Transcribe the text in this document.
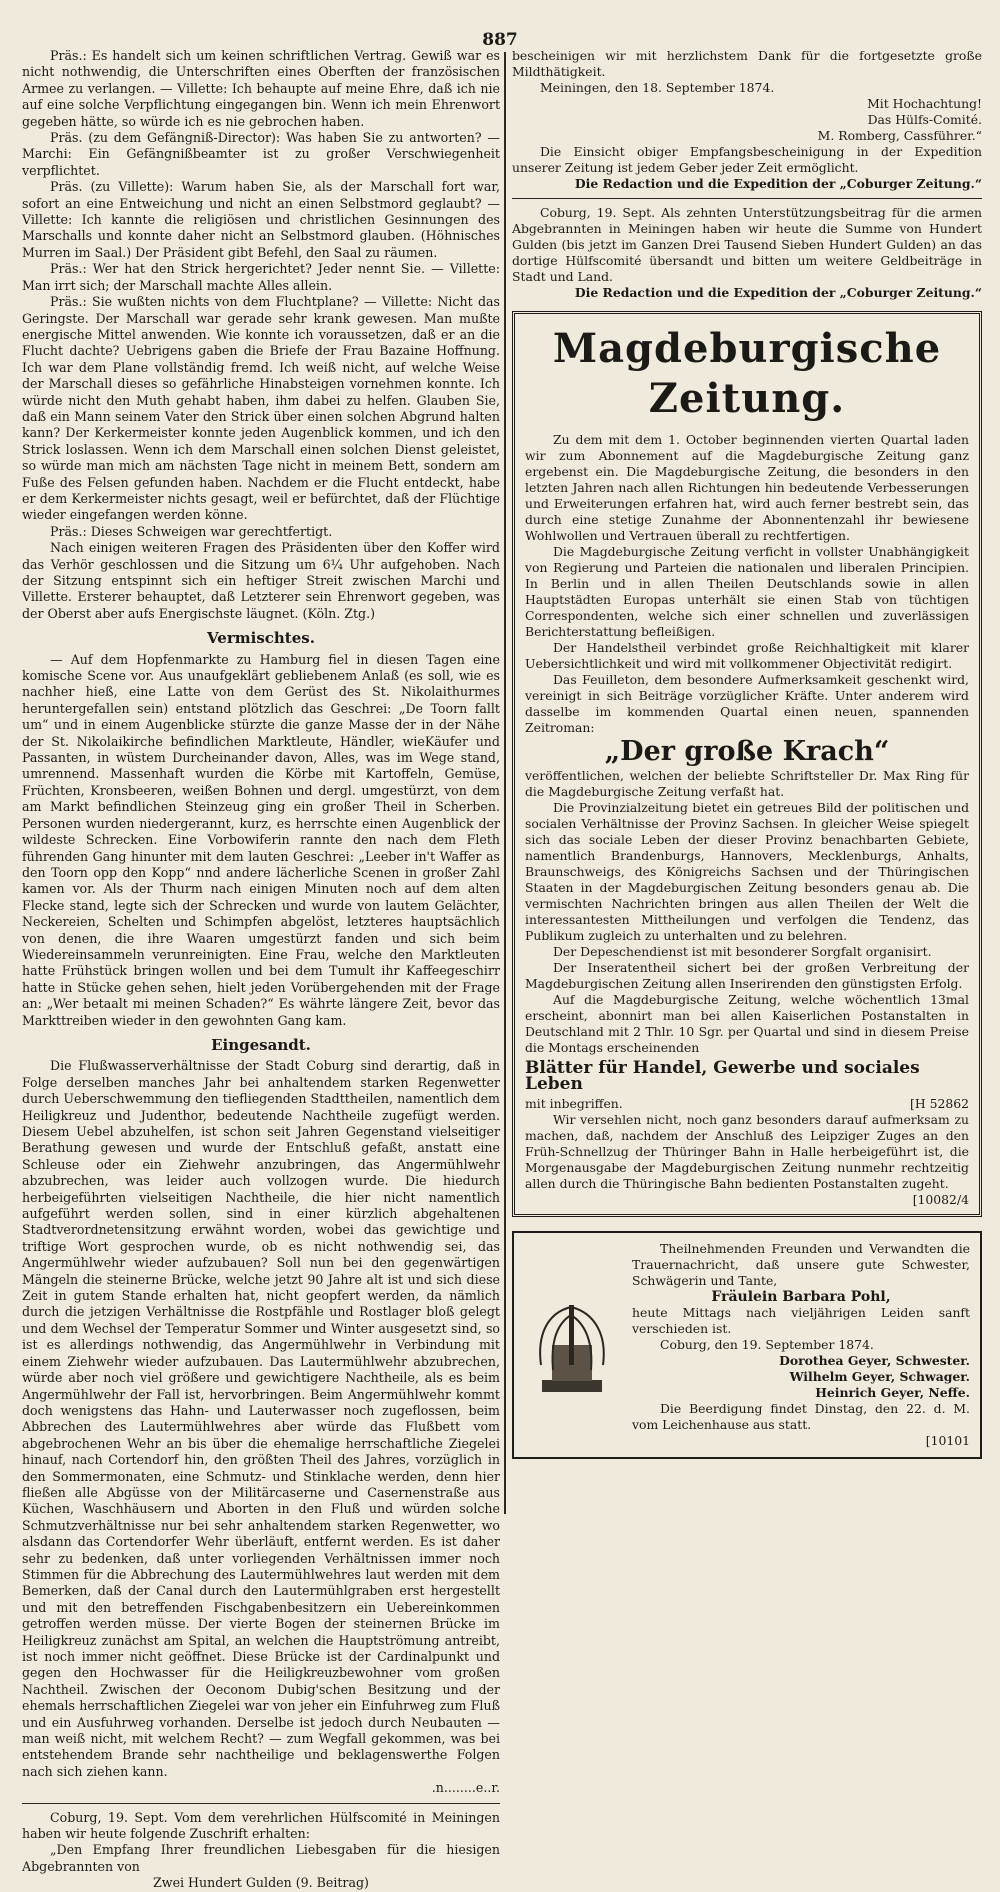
887

Präs.: Es handelt sich um keinen schriftlichen Vertrag. Gewiß war es nicht nothwendig, die Unterschriften eines Oberften der französischen Armee zu verlangen. — Villette: Ich behaupte auf meine Ehre, daß ich nie auf eine solche Verpflichtung eingegangen bin. Wenn ich mein Ehrenwort gegeben hätte, so würde ich es nie gebrochen haben.

Präs. (zu dem Gefängniß-Director): Was haben Sie zu antworten? — Marchi: Ein Gefängnißbeamter ist zu großer Verschwiegenheit verpflichtet.

Präs. (zu Villette): Warum haben Sie, als der Marschall fort war, sofort an eine Entweichung und nicht an einen Selbstmord geglaubt? — Villette: Ich kannte die religiösen und christlichen Gesinnungen des Marschalls und konnte daher nicht an Selbstmord glauben. (Höhnisches Murren im Saal.) Der Präsident gibt Befehl, den Saal zu räumen.

Präs.: Wer hat den Strick hergerichtet? Jeder nennt Sie. — Villette: Man irrt sich; der Marschall machte Alles allein.

Präs.: Sie wußten nichts von dem Fluchtplane? — Villette: Nicht das Geringste. Der Marschall war gerade sehr krank gewesen. Man mußte energische Mittel anwenden. Wie konnte ich voraussetzen, daß er an die Flucht dachte? Uebrigens gaben die Briefe der Frau Bazaine Hoffnung. Ich war dem Plane vollständig fremd. Ich weiß nicht, auf welche Weise der Marschall dieses so gefährliche Hinabsteigen vornehmen konnte. Ich würde nicht den Muth gehabt haben, ihm dabei zu helfen. Glauben Sie, daß ein Mann seinem Vater den Strick über einen solchen Abgrund halten kann? Der Kerkermeister konnte jeden Augenblick kommen, und ich den Strick loslassen. Wenn ich dem Marschall einen solchen Dienst geleistet, so würde man mich am nächsten Tage nicht in meinem Bett, sondern am Fuße des Felsen gefunden haben. Nachdem er die Flucht entdeckt, habe er dem Kerkermeister nichts gesagt, weil er befürchtet, daß der Flüchtige wieder eingefangen werden könne.

Präs.: Dieses Schweigen war gerechtfertigt.

Nach einigen weiteren Fragen des Präsidenten über den Koffer wird das Verhör geschlossen und die Sitzung um 6¼ Uhr aufgehoben. Nach der Sitzung entspinnt sich ein heftiger Streit zwischen Marchi und Villette. Ersterer behauptet, daß Letzterer sein Ehrenwort gegeben, was der Oberst aber aufs Energischste läugnet. (Köln. Ztg.)

Vermischtes.

— Auf dem Hopfenmarkte zu Hamburg fiel in diesen Tagen eine komische Scene vor. Aus unaufgeklärt gebliebenem Anlaß (es soll, wie es nachher hieß, eine Latte von dem Gerüst des St. Nikolaithurmes heruntergefallen sein) entstand plötzlich das Geschrei: „De Toorn fallt um“ und in einem Augenblicke stürzte die ganze Masse der in der Nähe der St. Nikolaikirche befindlichen Marktleute, Händler, wieKäufer und Passanten, in wüstem Durcheinander davon, Alles, was im Wege stand, umrennend. Massenhaft wurden die Körbe mit Kartoffeln, Gemüse, Früchten, Kronsbeeren, weißen Bohnen und dergl. umgestürzt, von dem am Markt befindlichen Steinzeug ging ein großer Theil in Scherben. Personen wurden niedergerannt, kurz, es herrschte einen Augenblick der wildeste Schrecken. Eine Vorbowiferin rannte den nach dem Fleth führenden Gang hinunter mit dem lauten Geschrei: „Leeber in't Waffer as den Toorn opp den Kopp“ nnd andere lächerliche Scenen in großer Zahl kamen vor. Als der Thurm nach einigen Minuten noch auf dem alten Flecke stand, legte sich der Schrecken und wurde von lautem Gelächter, Neckereien, Schelten und Schimpfen abgelöst, letzteres hauptsächlich von denen, die ihre Waaren umgestürzt fanden und sich beim Wiedereinsammeln verunreinigten. Eine Frau, welche den Marktleuten hatte Frühstück bringen wollen und bei dem Tumult ihr Kaffeegeschirr hatte in Stücke gehen sehen, hielt jeden Vorübergehenden mit der Frage an: „Wer betaalt mi meinen Schaden?“ Es währte längere Zeit, bevor das Markttreiben wieder in den gewohnten Gang kam.

Eingesandt.

Die Flußwasserverhältnisse der Stadt Coburg sind derartig, daß in Folge derselben manches Jahr bei anhaltendem starken Regenwetter durch Ueberschwemmung den tiefliegenden Stadttheilen, namentlich dem Heiligkreuz und Judenthor, bedeutende Nachtheile zugefügt werden. Diesem Uebel abzuhelfen, ist schon seit Jahren Gegenstand vielseitiger Berathung gewesen und wurde der Entschluß gefaßt, anstatt eine Schleuse oder ein Ziehwehr anzubringen, das Angermühlwehr abzubrechen, was leider auch vollzogen wurde. Die hiedurch herbeigeführten vielseitigen Nachtheile, die hier nicht namentlich aufgeführt werden sollen, sind in einer kürzlich abgehaltenen Stadtverordnetensitzung erwähnt worden, wobei das gewichtige und triftige Wort gesprochen wurde, ob es nicht nothwendig sei, das Angermühlwehr wieder aufzubauen? Soll nun bei den gegenwärtigen Mängeln die steinerne Brücke, welche jetzt 90 Jahre alt ist und sich diese Zeit in gutem Stande erhalten hat, nicht geopfert werden, da nämlich durch die jetzigen Verhältnisse die Rostpfähle und Rostlager bloß gelegt und dem Wechsel der Temperatur Sommer und Winter ausgesetzt sind, so ist es allerdings nothwendig, das Angermühlwehr in Verbindung mit einem Ziehwehr wieder aufzubauen. Das Lautermühlwehr abzubrechen, würde aber noch viel größere und gewichtigere Nachtheile, als es beim Angermühlwehr der Fall ist, hervorbringen. Beim Angermühlwehr kommt doch wenigstens das Hahn- und Lauterwasser noch zugeflossen, beim Abbrechen des Lautermühlwehres aber würde das Flußbett vom abgebrochenen Wehr an bis über die ehemalige herrschaftliche Ziegelei hinauf, nach Cortendorf hin, den größten Theil des Jahres, vorzüglich in den Sommermonaten, eine Schmutz- und Stinklache werden, denn hier fließen alle Abgüsse von der Militärcaserne und Casernenstraße aus Küchen, Waschhäusern und Aborten in den Fluß und würden solche Schmutzverhältnisse nur bei sehr anhaltendem starken Regenwetter, wo alsdann das Cortendorfer Wehr überläuft, entfernt werden. Es ist daher sehr zu bedenken, daß unter vorliegenden Verhältnissen immer noch Stimmen für die Abbrechung des Lautermühlwehres laut werden mit dem Bemerken, daß der Canal durch den Lautermühlgraben erst hergestellt und mit den betreffenden Fischgabenbesitzern ein Uebereinkommen getroffen werden müsse. Der vierte Bogen der steinernen Brücke im Heiligkreuz zunächst am Spital, an welchen die Hauptströmung antreibt, ist noch immer nicht geöffnet. Diese Brücke ist der Cardinalpunkt und gegen den Hochwasser für die Heiligkreuzbewohner vom großen Nachtheil. Zwischen der Oeconom Dubig'schen Besitzung und der ehemals herrschaftlichen Ziegelei war von jeher ein Einfuhrweg zum Fluß und ein Ausfuhrweg vorhanden. Derselbe ist jedoch durch Neubauten — man weiß nicht, mit welchem Recht? — zum Wegfall gekommen, was bei entstehendem Brande sehr nachtheilige und beklagenswerthe Folgen nach sich ziehen kann.

.n........e..r.

Coburg, 19. Sept. Vom dem verehrlichen Hülfscomité in Meiningen haben wir heute folgende Zuschrift erhalten:

„Den Empfang Ihrer freundlichen Liebesgaben für die hiesigen Abgebrannten von

Zwei Hundert Gulden (9. Beitrag)

bescheinigen wir mit herzlichstem Dank für die fortgesetzte große Mildthätigkeit.

Meiningen, den 18. September 1874.

Mit Hochachtung!

Das Hülfs-Comité.

M. Romberg, Cassführer.“

Die Einsicht obiger Empfangsbescheinigung in der Expedition unserer Zeitung ist jedem Geber jeder Zeit ermöglicht.

Die Redaction und die Expedition der „Coburger Zeitung.“

Coburg, 19. Sept. Als zehnten Unterstützungsbeitrag für die armen Abgebrannten in Meiningen haben wir heute die Summe von Hundert Gulden (bis jetzt im Ganzen Drei Tausend Sieben Hundert Gulden) an das dortige Hülfscomité übersandt und bitten um weitere Geldbeiträge in Stadt und Land.

Die Redaction und die Expedition der „Coburger Zeitung.“

Magdeburgische Zeitung.

Zu dem mit dem 1. October beginnenden vierten Quartal laden wir zum Abonnement auf die Magdeburgische Zeitung ganz ergebenst ein. Die Magdeburgische Zeitung, die besonders in den letzten Jahren nach allen Richtungen hin bedeutende Verbesserungen und Erweiterungen erfahren hat, wird auch ferner bestrebt sein, das durch eine stetige Zunahme der Abonnentenzahl ihr bewiesene Wohlwollen und Vertrauen überall zu rechtfertigen.

Die Magdeburgische Zeitung verficht in vollster Unabhängigkeit von Regierung und Parteien die nationalen und liberalen Principien. In Berlin und in allen Theilen Deutschlands sowie in allen Hauptstädten Europas unterhält sie einen Stab von tüchtigen Correspondenten, welche sich einer schnellen und zuverlässigen Berichterstattung befleißigen.

Der Handelstheil verbindet große Reichhaltigkeit mit klarer Uebersichtlichkeit und wird mit vollkommener Objectivität redigirt.

Das Feuilleton, dem besondere Aufmerksamkeit geschenkt wird, vereinigt in sich Beiträge vorzüglicher Kräfte. Unter anderem wird dasselbe im kommenden Quartal einen neuen, spannenden Zeitroman:

„Der große Krach“

veröffentlichen, welchen der beliebte Schriftsteller Dr. Max Ring für die Magdeburgische Zeitung verfaßt hat.

Die Provinzialzeitung bietet ein getreues Bild der politischen und socialen Verhältnisse der Provinz Sachsen. In gleicher Weise spiegelt sich das sociale Leben der dieser Provinz benachbarten Gebiete, namentlich Brandenburgs, Hannovers, Mecklenburgs, Anhalts, Braunschweigs, des Königreichs Sachsen und der Thüringischen Staaten in der Magdeburgischen Zeitung besonders genau ab. Die vermischten Nachrichten bringen aus allen Theilen der Welt die interessantesten Mittheilungen und verfolgen die Tendenz, das Publikum zugleich zu unterhalten und zu belehren.

Der Depeschendienst ist mit besonderer Sorgfalt organisirt.

Der Inseratentheil sichert bei der großen Verbreitung der Magdeburgischen Zeitung allen Inserirenden den günstigsten Erfolg.

Auf die Magdeburgische Zeitung, welche wöchentlich 13mal erscheint, abonnirt man bei allen Kaiserlichen Postanstalten in Deutschland mit 2 Thlr. 10 Sgr. per Quartal und sind in diesem Preise die Montags erscheinenden

Blätter für Handel, Gewerbe und sociales Leben
mit inbegriffen.	[H 52862

Wir versehlen nicht, noch ganz besonders darauf aufmerksam zu machen, daß, nachdem der Anschluß des Leipziger Zuges an den Früh-Schnellzug der Thüringer Bahn in Halle herbeigeführt ist, die Morgenausgabe der Magdeburgischen Zeitung nunmehr rechtzeitig allen durch die Thüringische Bahn bedienten Postanstalten zugeht.

[10082/4

Theilnehmenden Freunden und Verwandten die Trauernachricht, daß unsere gute Schwester, Schwägerin und Tante,

Fräulein Barbara Pohl,

heute Mittags nach vieljährigen Leiden sanft verschieden ist.

Coburg, den 19. September 1874.

Dorothea Geyer, Schwester.

Wilhelm Geyer, Schwager.

Heinrich Geyer, Neffe.

Die Beerdigung findet Dinstag, den 22. d. M. vom Leichenhause aus statt.

[10101
